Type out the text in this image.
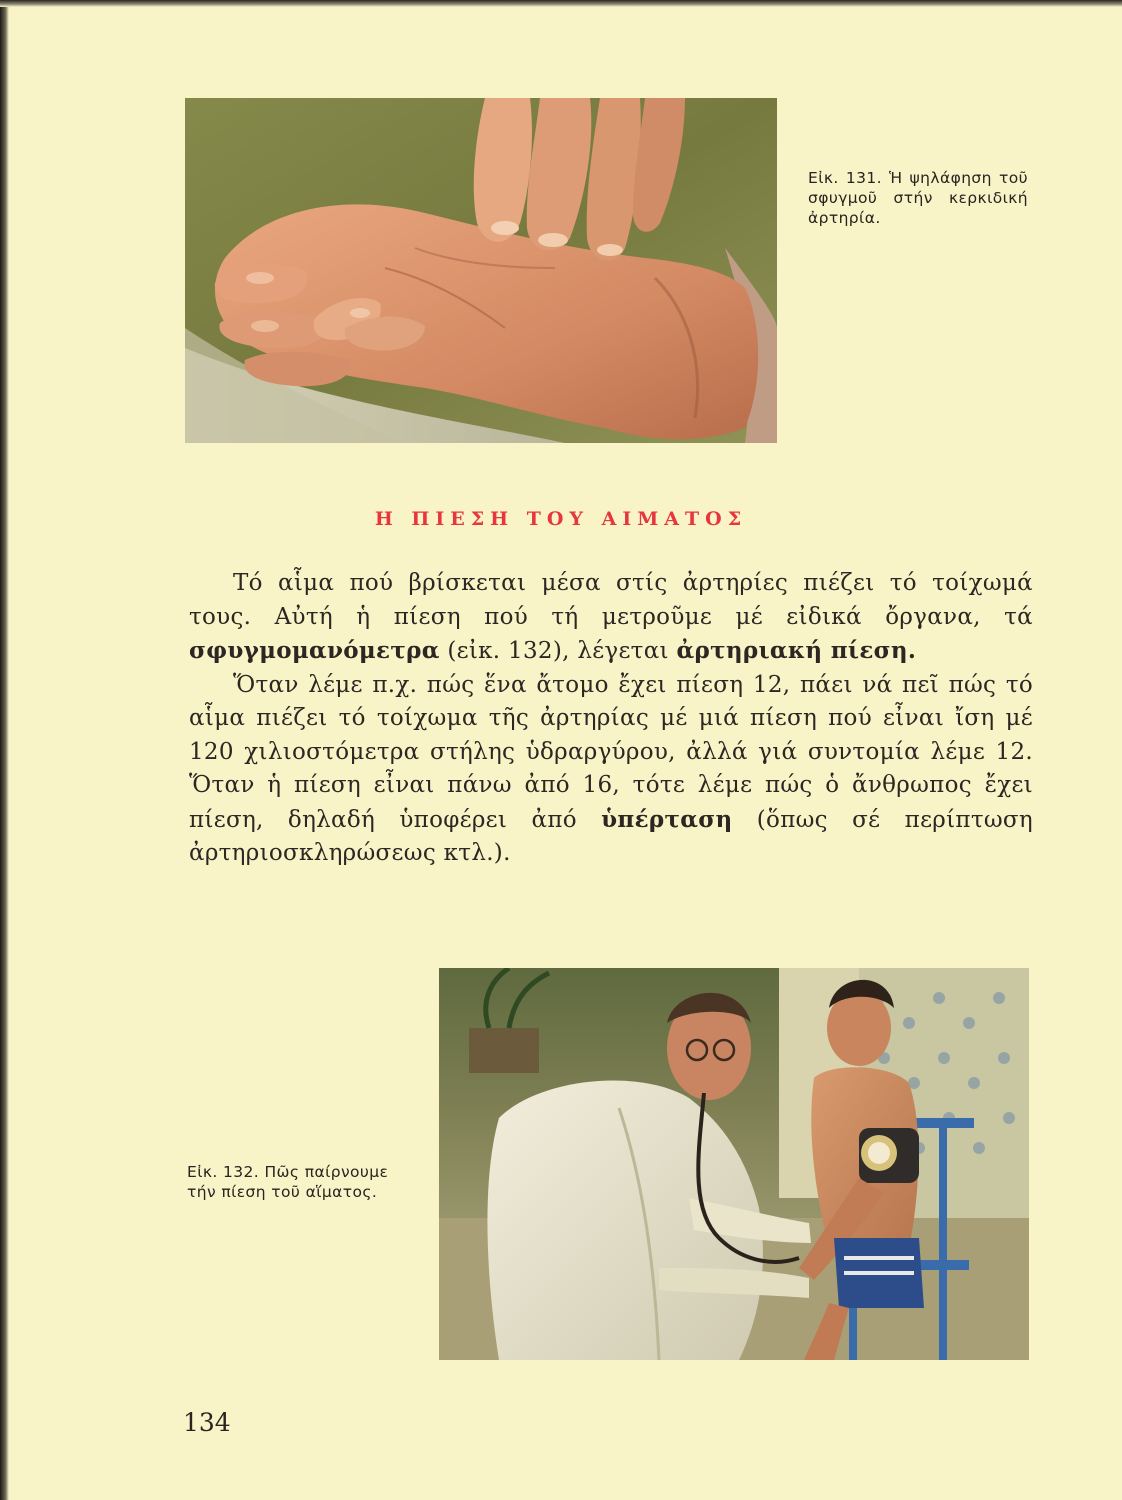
Εἰκ. 131. Ἡ ψηλάφηση τοῦ σφυγμοῦ στήν κερκιδική ἀρτηρία.
Η ΠΙΕΣΗ ΤΟΥ ΑΙΜΑΤΟΣ

Τό αἷμα πού βρίσκεται μέσα στίς ἀρτηρίες πιέζει τό τοίχωμά τους. Αὐτή ἡ πίεση πού τή μετροῦμε μέ εἰδικά ὄργανα, τά σφυγμομανόμετρα (εἰκ. 132), λέγεται ἀρτηριακή πίεση.

Ὅταν λέμε π.χ. πώς ἕνα ἄτομο ἔχει πίεση 12, πάει νά πεῖ πώς τό αἷμα πιέζει τό τοίχωμα τῆς ἀρτηρίας μέ μιά πίεση πού εἶναι ἴση μέ 120 χιλιοστόμετρα στήλης ὑδραργύρου, ἀλλά γιά συντομία λέμε 12. Ὅταν ἡ πίεση εἶναι πάνω ἀπό 16, τότε λέμε πώς ὁ ἄνθρωπος ἔχει πίεση, δηλαδή ὑποφέρει ἀπό ὑπέρταση (ὅπως σέ περίπτωση ἀρτηριοσκληρώσεως κτλ.).

Εἰκ. 132. Πῶς παίρνουμε τήν πίεση τοῦ αἵματος.
134
